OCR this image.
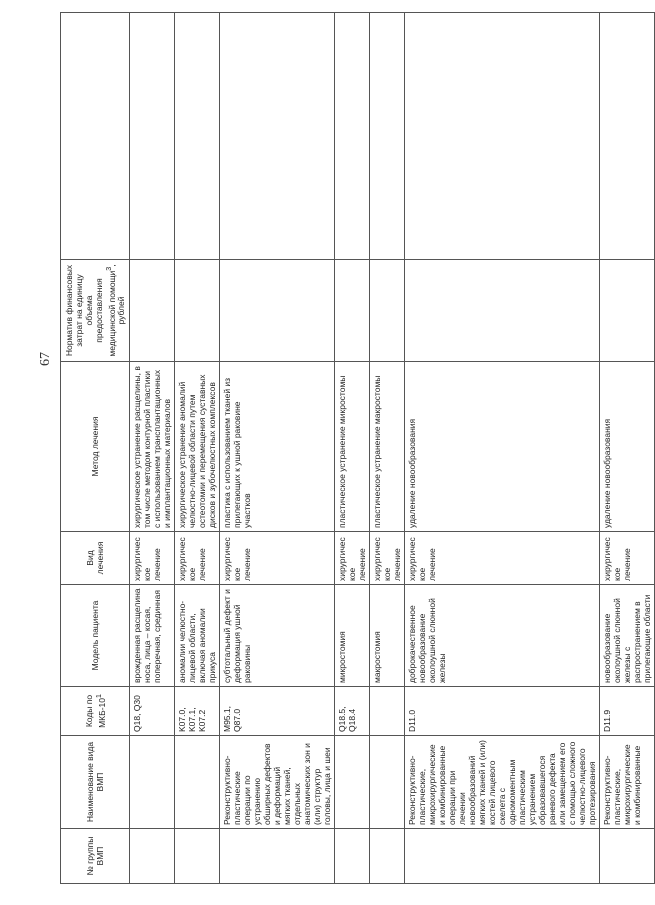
67
№ группы ВМП	Наименование вида ВМП	Коды по МКБ-$10^1$	Модель пациента	Вид лечения	Метод лечения	Норматив финансовых затрат на единицу объема предоставления медицинской помощи$^3$, рублей	
		Q18, Q30	врожденная расщелина носа, лица – косая, поперечная, срединная	хирургическое лечение	хирургическое устранение расщелины, в том числе методом контурной пластики с использованием трансплантационных и имплантационных материалов		
		K07.0, K07.1, K07.2	аномалии челюстно-лицевой области, включая аномалии прикуса	хирургическое лечение	хирургическое устранение аномалий челюстно-лицевой области путем остеотомии и перемещения суставных дисков и зубочелюстных комплексов		
	Реконструктивно-пластические операции по устранению обширных дефектов и деформаций мягких тканей, отдельных анатомических зон и (или) структур головы, лица и шеи	M95.1, Q87.0	субтотальный дефект и деформация ушной раковины	хирургическое лечение	пластика с использованием тканей из прилегающих к ушной раковине участков		
		Q18.5, Q18.4	микростомия	хирургическое лечение	пластическое устранение микростомы		
			макростомия	хирургическое лечение	пластическое устранение макростомы		
	Реконструктивно-пластические, микрохирургические и комбинированные операции при лечении новообразований мягких тканей и (или) костей лицевого скелета с одномоментным пластическим устранением образовавшегося раневого дефекта или замещением его с помощью сложного челюстно-лицевого протезирования	D11.0	доброкачественное новообразование околоушной слюнной железы	хирургическое лечение	удаление новообразования		
	Реконструктивно-пластические, микрохирургические и комбинированные	D11.9	новообразование околоушной слюнной железы с распространением в прилегающие области	хирургическое лечение	удаление новообразования		
